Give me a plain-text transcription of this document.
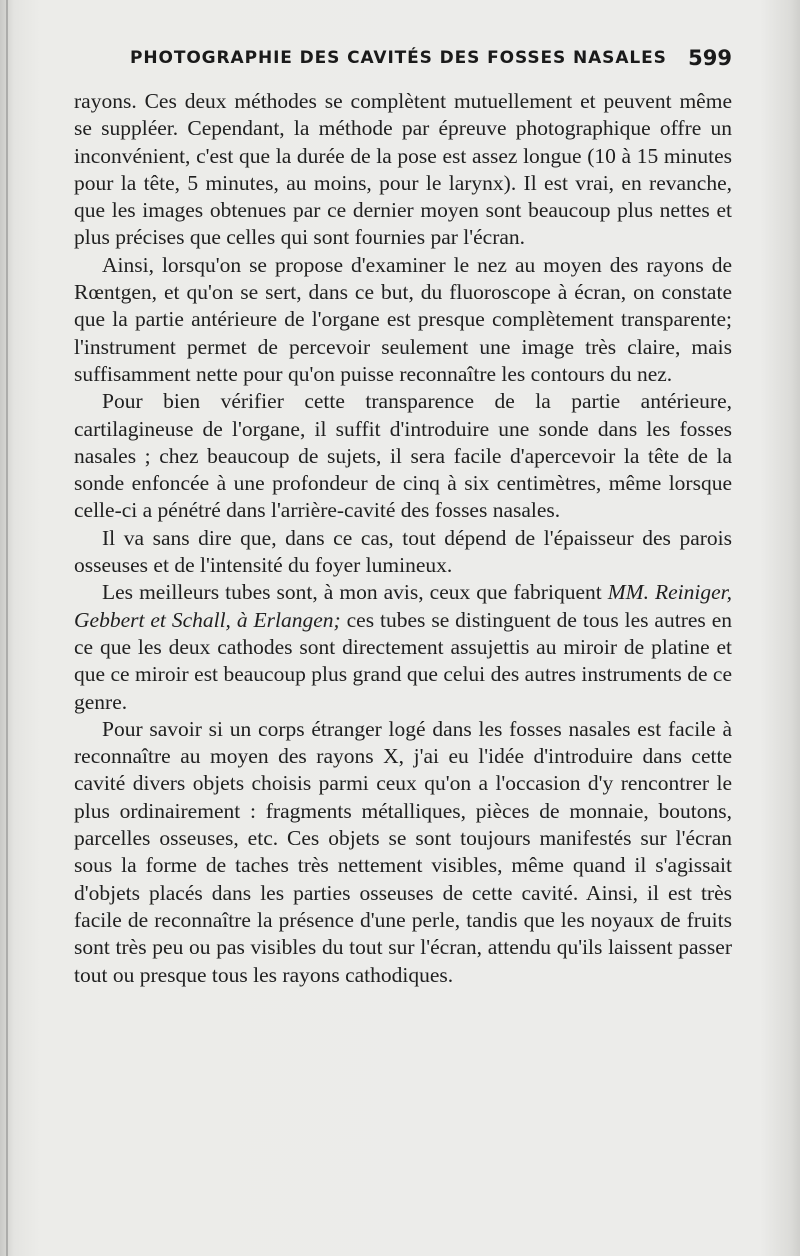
PHOTOGRAPHIE DES CAVITÉS DES FOSSES NASALES 599

rayons. Ces deux méthodes se complètent mutuellement et peuvent même se suppléer. Cependant, la méthode par épreuve photographique offre un inconvénient, c'est que la durée de la pose est assez longue (10 à 15 minutes pour la tête, 5 minutes, au moins, pour le larynx). Il est vrai, en revanche, que les images obtenues par ce dernier moyen sont beaucoup plus nettes et plus précises que celles qui sont fournies par l'écran.

Ainsi, lorsqu'on se propose d'examiner le nez au moyen des rayons de Rœntgen, et qu'on se sert, dans ce but, du fluoroscope à écran, on constate que la partie antérieure de l'organe est presque complètement transparente; l'instrument permet de percevoir seulement une image très claire, mais suffisamment nette pour qu'on puisse reconnaître les contours du nez.

Pour bien vérifier cette transparence de la partie antérieure, cartilagineuse de l'organe, il suffit d'introduire une sonde dans les fosses nasales ; chez beaucoup de sujets, il sera facile d'apercevoir la tête de la sonde enfoncée à une profondeur de cinq à six centimètres, même lorsque celle-ci a pénétré dans l'arrière-cavité des fosses nasales.

Il va sans dire que, dans ce cas, tout dépend de l'épaisseur des parois osseuses et de l'intensité du foyer lumineux.

Les meilleurs tubes sont, à mon avis, ceux que fabriquent MM. Reiniger, Gebbert et Schall, à Erlangen; ces tubes se distinguent de tous les autres en ce que les deux cathodes sont directement assujettis au miroir de platine et que ce miroir est beaucoup plus grand que celui des autres instruments de ce genre.

Pour savoir si un corps étranger logé dans les fosses nasales est facile à reconnaître au moyen des rayons X, j'ai eu l'idée d'introduire dans cette cavité divers objets choisis parmi ceux qu'on a l'occasion d'y rencontrer le plus ordinairement : fragments métalliques, pièces de monnaie, boutons, parcelles osseuses, etc. Ces objets se sont toujours manifestés sur l'écran sous la forme de taches très nettement visibles, même quand il s'agissait d'objets placés dans les parties osseuses de cette cavité. Ainsi, il est très facile de reconnaître la présence d'une perle, tandis que les noyaux de fruits sont très peu ou pas visibles du tout sur l'écran, attendu qu'ils laissent passer tout ou presque tous les rayons cathodiques.
